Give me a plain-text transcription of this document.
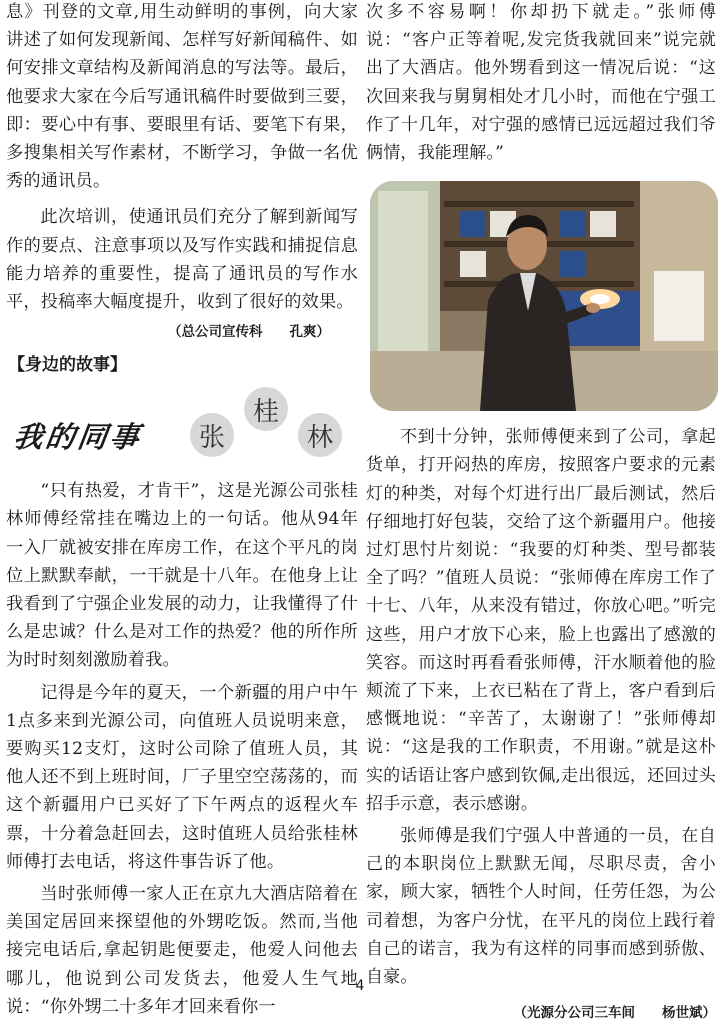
息》刊登的文章,用生动鲜明的事例，向大家讲述了如何发现新闻、怎样写好新闻稿件、如何安排文章结构及新闻消息的写法等。最后，他要求大家在今后写通讯稿件时要做到三要，即：要心中有事、要眼里有话、要笔下有果，多搜集相关写作素材，不断学习，争做一名优秀的通讯员。

此次培训，使通讯员们充分了解到新闻写作的要点、注意事项以及写作实践和捕捉信息能力培养的重要性，提高了通讯员的写作水平，投稿率大幅度提升，收到了很好的效果。

（总公司宣传科　　孔爽）

【身边的故事】
我的同事	张
桂
林

“只有热爱，才肯干”，这是光源公司张桂林师傅经常挂在嘴边上的一句话。他从94年一入厂就被安排在库房工作，在这个平凡的岗位上默默奉献，一干就是十八年。在他身上让我看到了宁强企业发展的动力，让我懂得了什么是忠诚？什么是对工作的热爱？他的所作所为时时刻刻激励着我。

记得是今年的夏天，一个新疆的用户中午1点多来到光源公司，向值班人员说明来意，要购买12支灯，这时公司除了值班人员，其他人还不到上班时间，厂子里空空荡荡的，而这个新疆用户已买好了下午两点的返程火车票，十分着急赶回去，这时值班人员给张桂林师傅打去电话，将这件事告诉了他。

当时张师傅一家人正在京九大酒店陪着在美国定居回来探望他的外甥吃饭。然而,当他接完电话后,拿起钥匙便要走，他爱人问他去哪儿，他说到公司发货去，他爱人生气地说：“你外甥二十多年才回来看你一

次多不容易啊！你却扔下就走。”张师傅说：“客户正等着呢,发完货我就回来”说完就出了大酒店。他外甥看到这一情况后说：“这次回来我与舅舅相处才几小时，而他在宁强工作了十几年，对宁强的感情已远远超过我们爷俩情，我能理解。”

不到十分钟，张师傅便来到了公司，拿起货单，打开闷热的库房，按照客户要求的元素灯的种类，对每个灯进行出厂最后测试，然后仔细地打好包装，交给了这个新疆用户。他接过灯思忖片刻说：“我要的灯种类、型号都装全了吗？”值班人员说：“张师傅在库房工作了十七、八年，从来没有错过，你放心吧。”听完这些，用户才放下心来，脸上也露出了感激的笑容。而这时再看看张师傅，汗水顺着他的脸颊流了下来，上衣已粘在了背上，客户看到后感慨地说：“辛苦了，太谢谢了！”张师傅却说：“这是我的工作职责，不用谢。”就是这朴实的话语让客户感到钦佩,走出很远，还回过头招手示意，表示感谢。

张师傅是我们宁强人中普通的一员，在自己的本职岗位上默默无闻，尽职尽责，舍小家，顾大家，牺牲个人时间，任劳任怨，为公司着想，为客户分忧，在平凡的岗位上践行着自己的诺言，我为有这样的同事而感到骄傲、自豪。

（光源分公司三车间　　杨世斌）

4
